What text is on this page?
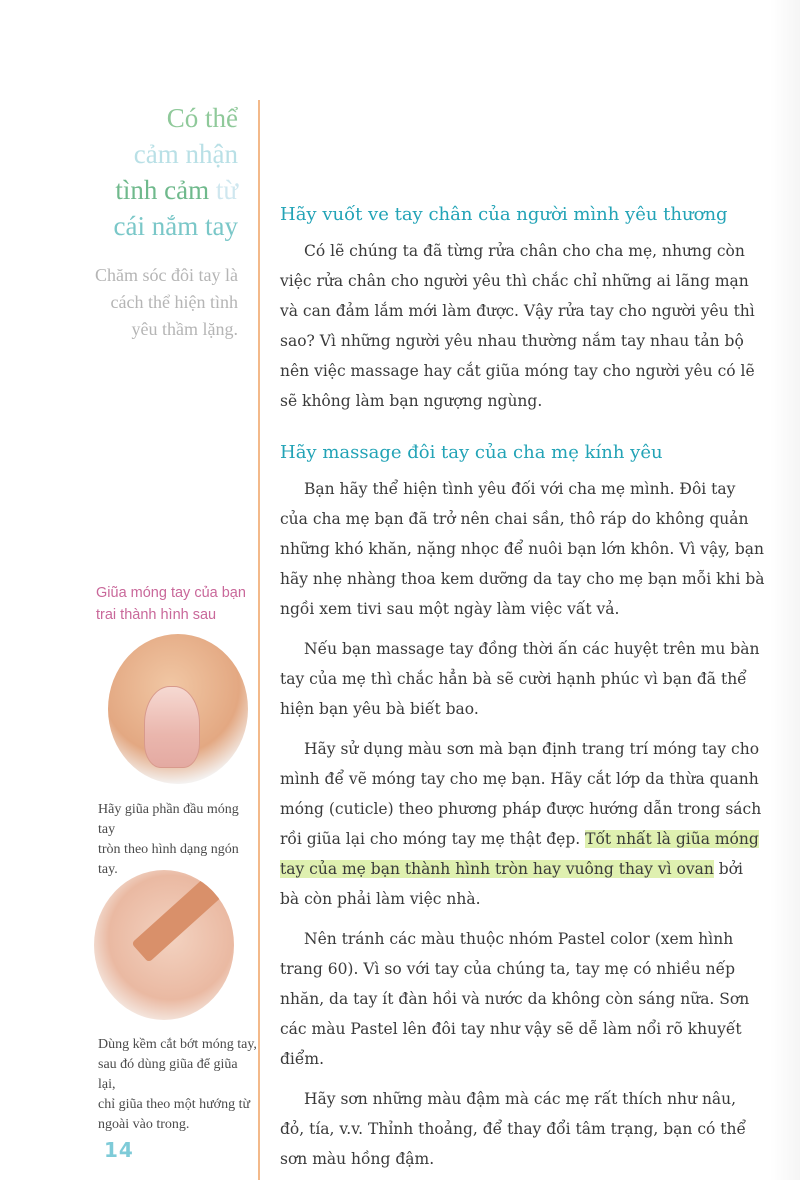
Có thể
cảm nhận
tình cảm từ
cái nắm tay
Chăm sóc đôi tay là
cách thể hiện tình
yêu thầm lặng.
Giũa móng tay của bạn
trai thành hình sau
Hãy giũa phần đầu móng tay
tròn theo hình dạng ngón tay.
Dùng kềm cắt bớt móng tay,
sau đó dùng giũa để giũa lại,
chỉ giũa theo một hướng từ
ngoài vào trong.
14
Hãy vuốt ve tay chân của người mình yêu thương

Có lẽ chúng ta đã từng rửa chân cho cha mẹ, nhưng còn việc rửa chân cho người yêu thì chắc chỉ những ai lãng mạn và can đảm lắm mới làm được. Vậy rửa tay cho người yêu thì sao? Vì những người yêu nhau thường nắm tay nhau tản bộ nên việc massage hay cắt giũa móng tay cho người yêu có lẽ sẽ không làm bạn ngượng ngùng.

Hãy massage đôi tay của cha mẹ kính yêu

Bạn hãy thể hiện tình yêu đối với cha mẹ mình. Đôi tay của cha mẹ bạn đã trở nên chai sần, thô ráp do không quản những khó khăn, nặng nhọc để nuôi bạn lớn khôn. Vì vậy, bạn hãy nhẹ nhàng thoa kem dưỡng da tay cho mẹ bạn mỗi khi bà ngồi xem tivi sau một ngày làm việc vất vả.

Nếu bạn massage tay đồng thời ấn các huyệt trên mu bàn tay của mẹ thì chắc hẳn bà sẽ cười hạnh phúc vì bạn đã thể hiện bạn yêu bà biết bao.

Hãy sử dụng màu sơn mà bạn định trang trí móng tay cho mình để vẽ móng tay cho mẹ bạn. Hãy cắt lớp da thừa quanh móng (cuticle) theo phương pháp được hướng dẫn trong sách rồi giũa lại cho móng tay mẹ thật đẹp. Tốt nhất là giũa móng tay của mẹ bạn thành hình tròn hay vuông thay vì ovan bởi bà còn phải làm việc nhà.

Nên tránh các màu thuộc nhóm Pastel color (xem hình trang 60). Vì so với tay của chúng ta, tay mẹ có nhiều nếp nhăn, da tay ít đàn hồi và nước da không còn sáng nữa. Sơn các màu Pastel lên đôi tay như vậy sẽ dễ làm nổi rõ khuyết điểm.

Hãy sơn những màu đậm mà các mẹ rất thích như nâu, đỏ, tía, v.v. Thỉnh thoảng, để thay đổi tâm trạng, bạn có thể sơn màu hồng đậm.
